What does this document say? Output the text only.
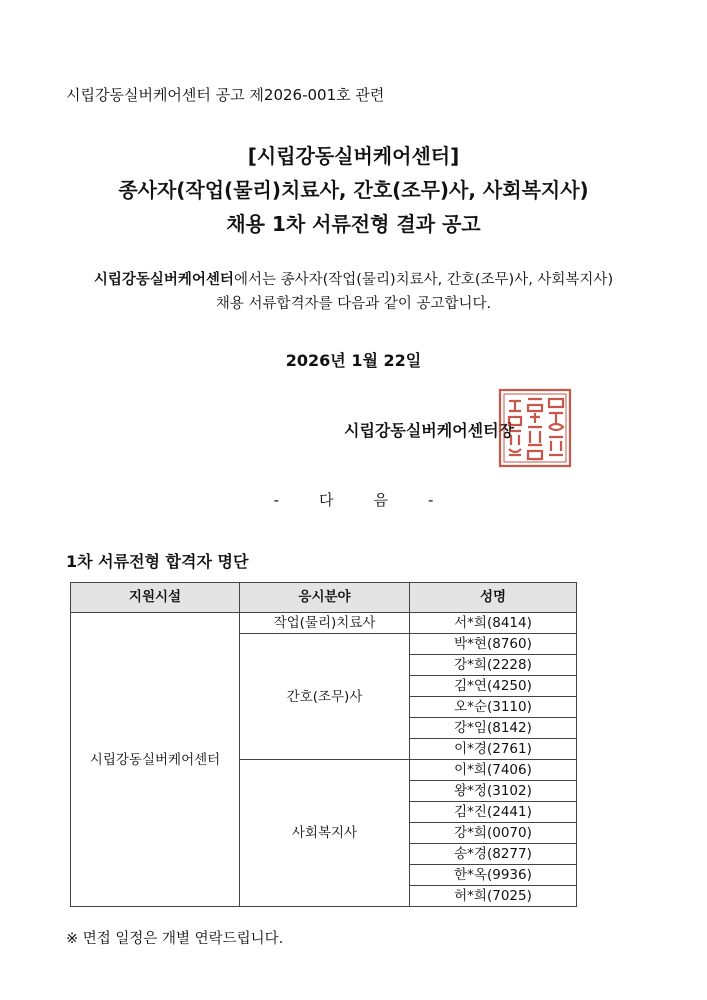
시립강동실버케어센터 공고 제2026-001호 관련
[시립강동실버케어센터]
종사자(작업(물리)치료사, 간호(조무)사, 사회복지사)
채용 1차 서류전형 결과 공고
시립강동실버케어센터에서는 종사자(작업(물리)치료사, 간호(조무)사, 사회복지사)
채용 서류합격자를 다음과 같이 공고합니다.
2026년 1월 22일
시립강동실버케어센터장
-	다	음	-
1차 서류전형 합격자 명단
지원시설	응시분야	성명
시립강동실버케어센터	작업(물리)치료사	서*희(8414)
	간호(조무)사	박*현(8760)
		강*희(2228)
		김*연(4250)
		오*순(3110)
		강*임(8142)
		이*경(2761)
	사회복지사	이*희(7406)
		왕*정(3102)
		김*진(2441)
		강*희(0070)
		송*경(8277)
		한*옥(9936)
		허*희(7025)
※ 면접 일정은 개별 연락드립니다.
